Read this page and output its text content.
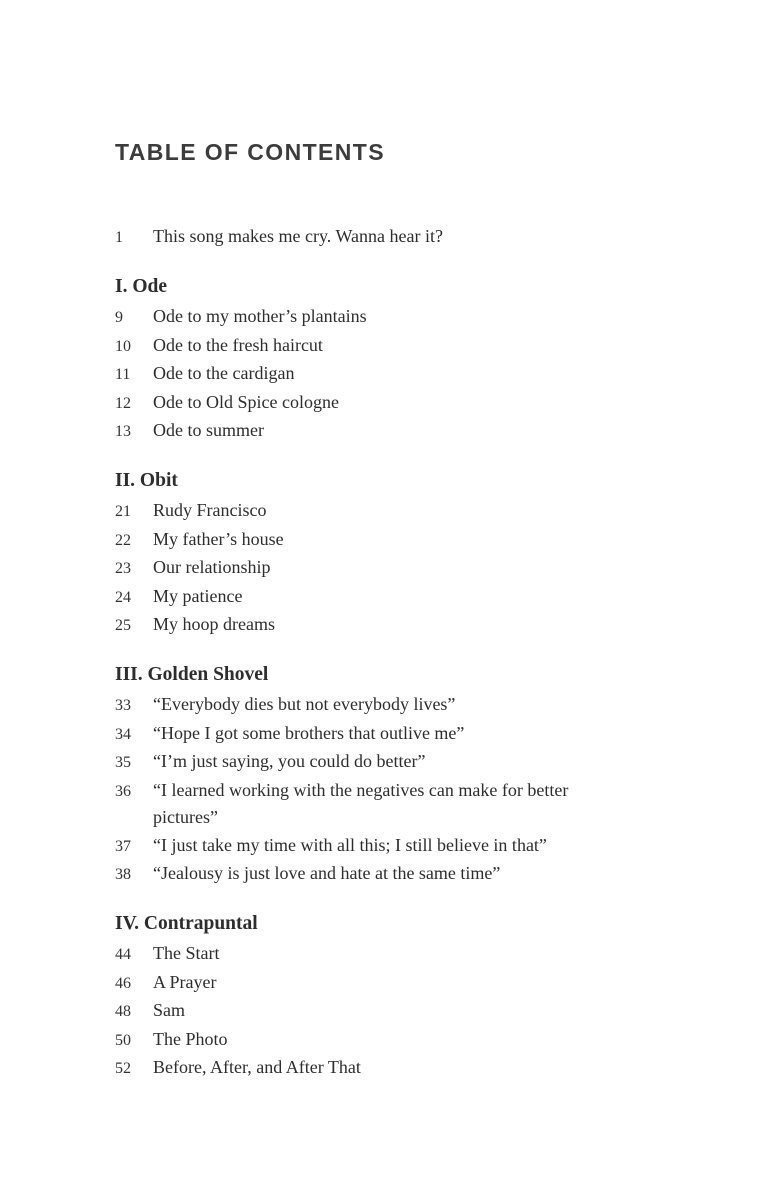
TABLE OF CONTENTS
1	This song makes me cry. Wanna hear it?
I. Ode
9	Ode to my mother’s plantains
10	Ode to the fresh haircut
11	Ode to the cardigan
12	Ode to Old Spice cologne
13	Ode to summer
II. Obit
21	Rudy Francisco
22	My father’s house
23	Our relationship
24	My patience
25	My hoop dreams
III. Golden Shovel
33	“Everybody dies but not everybody lives”
34	“Hope I got some brothers that outlive me”
35	“I’m just saying, you could do better”
36	“I learned working with the negatives can make for better pictures”
37	“I just take my time with all this; I still believe in that”
38	“Jealousy is just love and hate at the same time”
IV. Contrapuntal
44	The Start
46	A Prayer
48	Sam
50	The Photo
52	Before, After, and After That
